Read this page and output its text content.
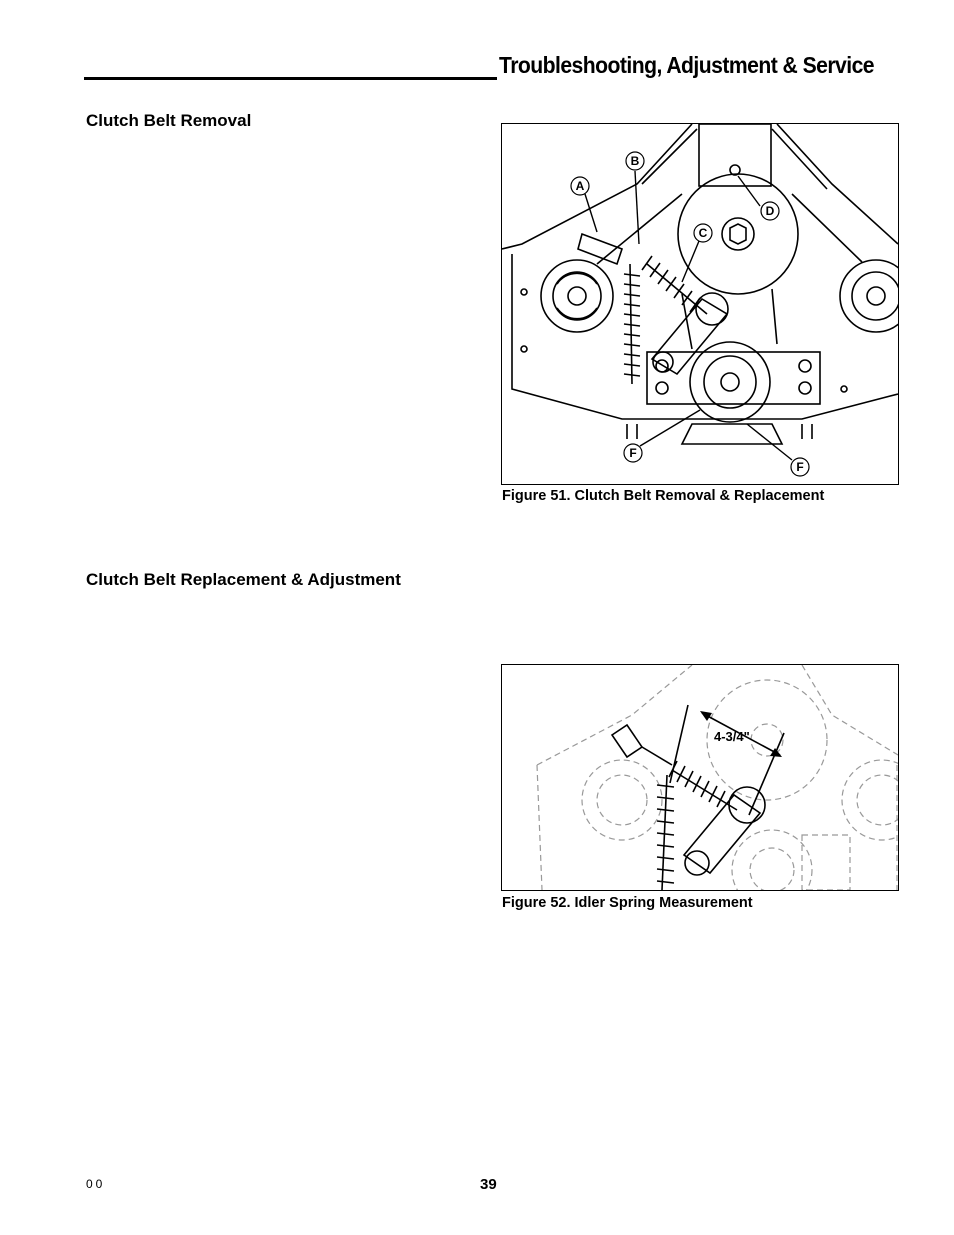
Troubleshooting, Adjustment & Service
Clutch Belt Removal
Clutch Belt Replacement & Adjustment
A
B
C
D
F
F
Figure 51. Clutch Belt Removal & Replacement
4-3/4"
Figure 52. Idler Spring Measurement
00	39
